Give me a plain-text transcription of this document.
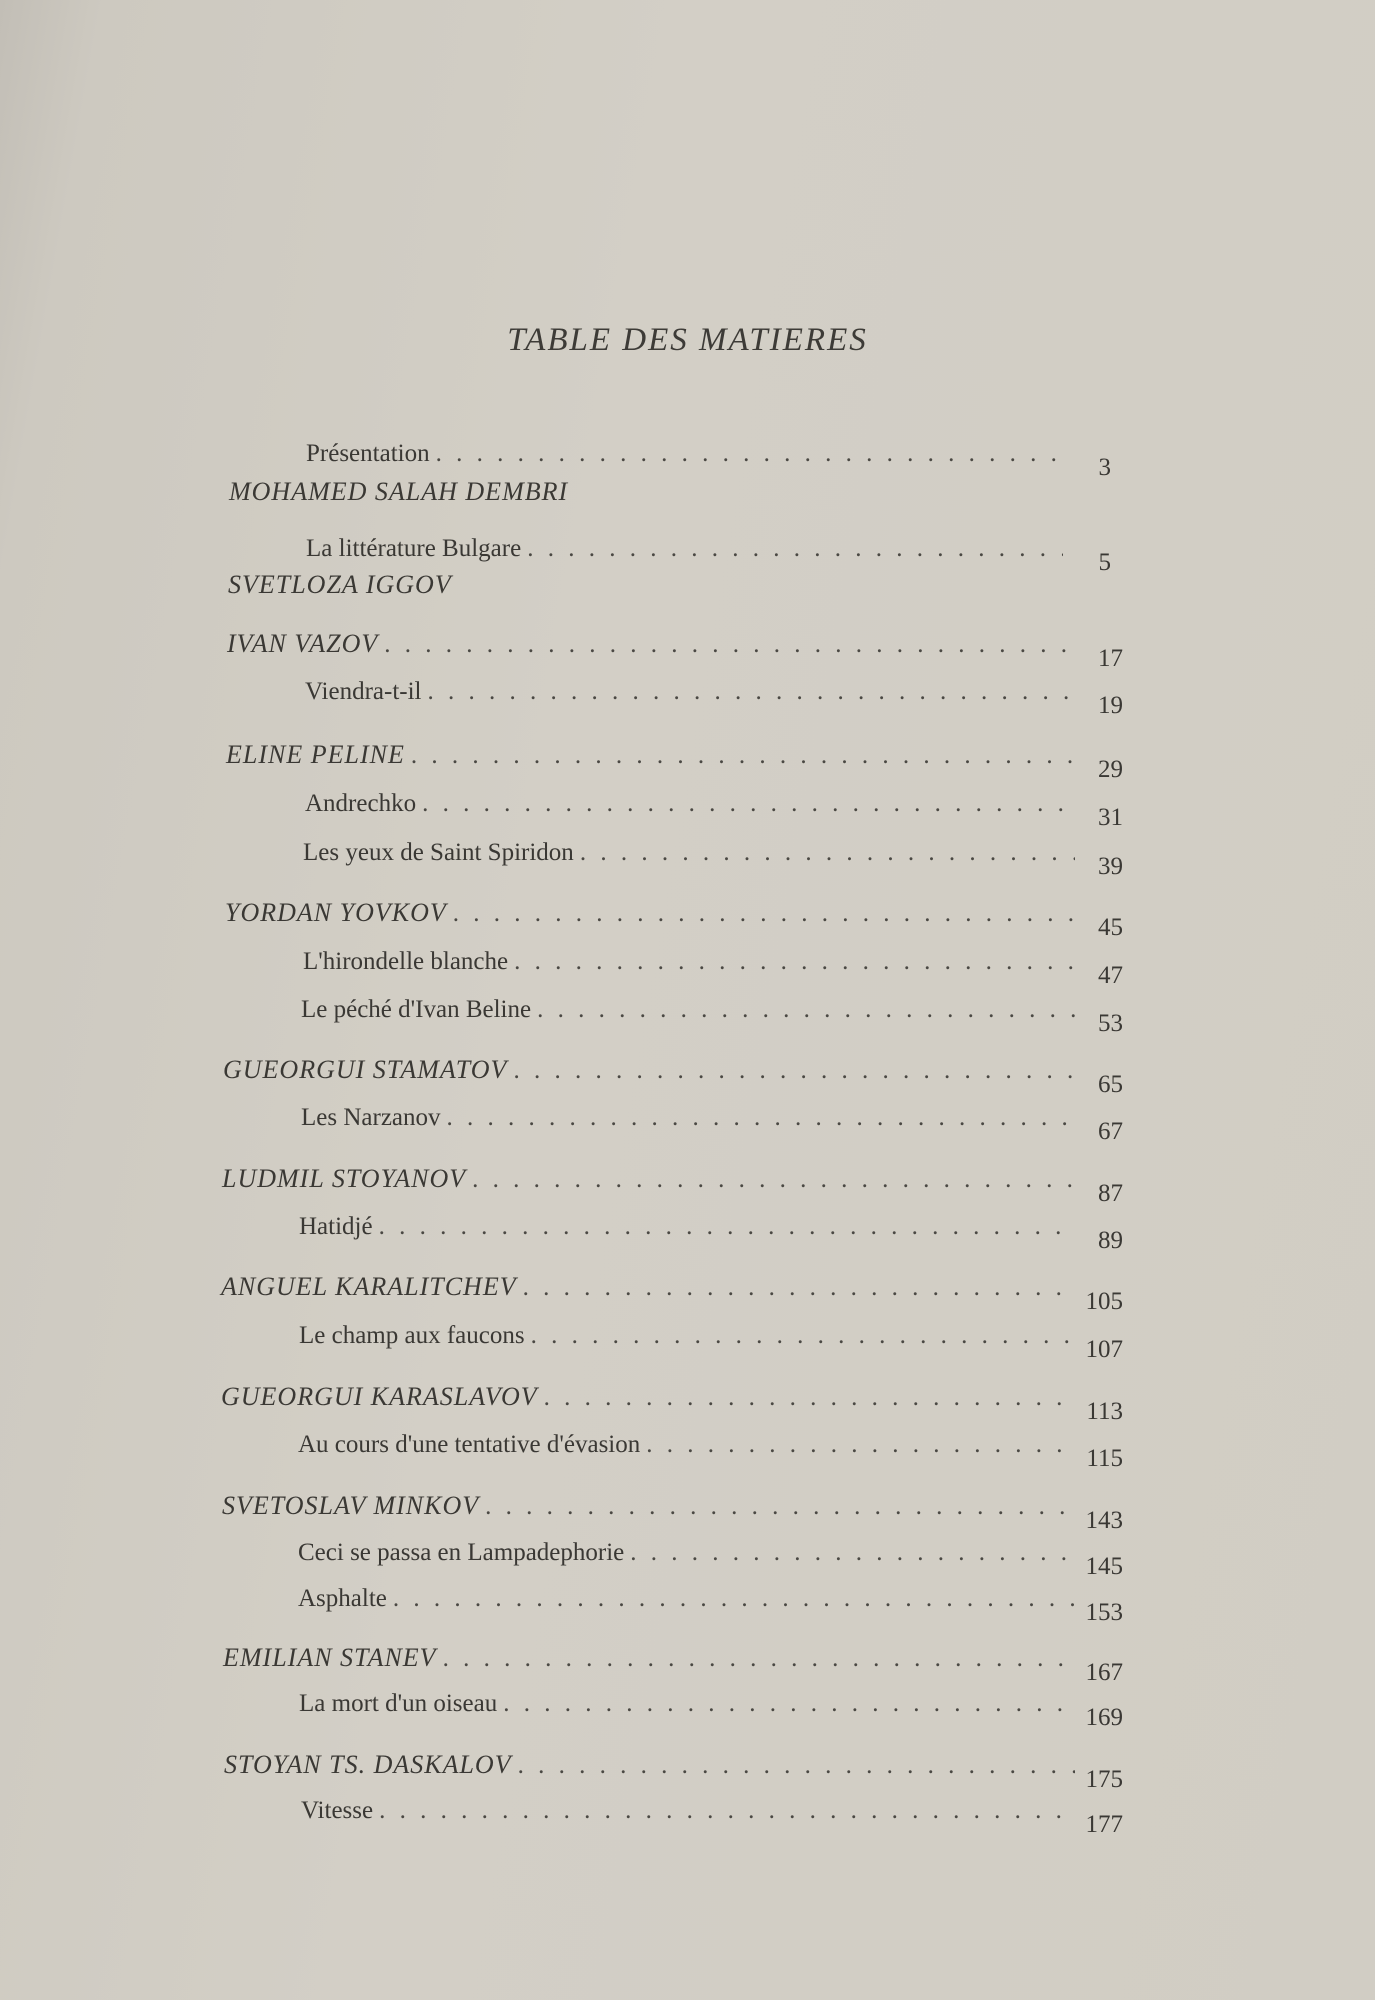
TABLE DES MATIERES
Présentation
. . .
3
MOHAMED SALAH DEMBRI
La littérature Bulgare
. . .
5
SVETLOZA IGGOV
IVAN VAZOV
. . .
17
Viendra-t-il
. . .
19
ELINE PELINE
. . .
29
Andrechko
. . .
31
Les yeux de Saint Spiridon
. . .
39
YORDAN YOVKOV
. . .
45
L'hirondelle blanche
. . .
47
Le péché d'Ivan Beline
. . .
53
GUEORGUI STAMATOV
. . .
65
Les Narzanov
. . .
67
LUDMIL STOYANOV
. . .
87
Hatidjé
. . .
89
ANGUEL KARALITCHEV
. . .
105
Le champ aux faucons
. . .
107
GUEORGUI KARASLAVOV
. . .
113
Au cours d'une tentative d'évasion
. . .
115
SVETOSLAV MINKOV
. . .
143
Ceci se passa en Lampadephorie
. . .
145
Asphalte
. . .
153
EMILIAN STANEV
. . .
167
La mort d'un oiseau
. . .
169
STOYAN TS. DASKALOV
. . .
175
Vitesse
. . .
177
